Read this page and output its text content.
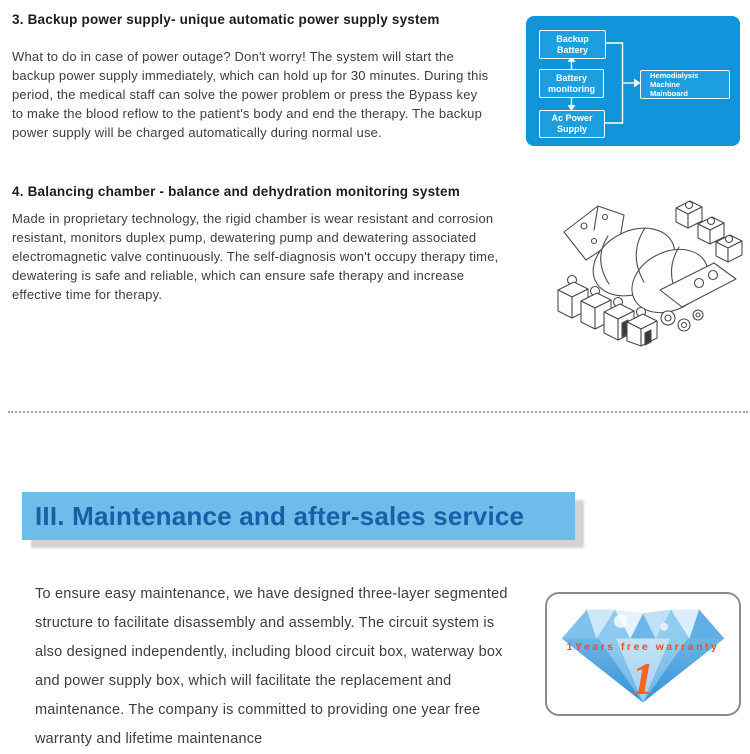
3. Backup power supply- unique automatic power supply system
What to do in case of power outage? Don't worry! The system will start the backup power supply immediately, which can hold up for 30 minutes. During this period, the medical staff can solve the power problem or press the Bypass key to make the blood reflow to the patient's body and end the therapy. The backup power supply will be charged automatically during normal use.
Backup Battery
Battery monitoring
Ac Power Supply
Hemodialysis Machine Mainboard
4. Balancing chamber - balance and dehydration monitoring system
Made in proprietary technology, the rigid chamber is wear resistant and corrosion resistant, monitors duplex pump, dewatering pump and dewatering associated electromagnetic valve continuously. The self-diagnosis won't occupy therapy time, dewatering is safe and reliable, which can ensure safe therapy and increase effective time for therapy.
III. Maintenance and after-sales service
To ensure easy maintenance, we have designed three-layer segmented structure to facilitate disassembly and assembly. The circuit system is also designed independently, including blood circuit box, waterway box and power supply box, which will facilitate the replacement and maintenance. The company is committed to providing one year free warranty and lifetime maintenance
1Years free warranty
1
